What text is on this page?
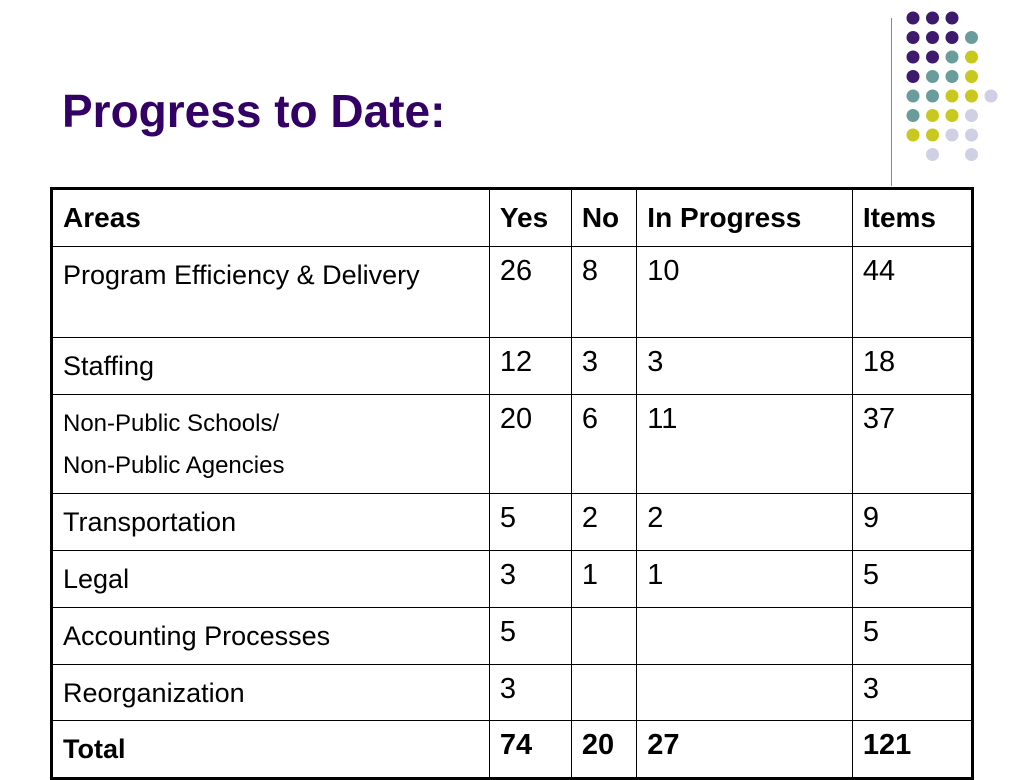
Progress to Date:
Areas	Yes	No	In Progress	Items
Program Efficiency & Delivery	26	8	10	44
Staffing	12	3	3	18

Non-Public Schools/
Non-Public Agencies	20	6	11	37
Transportation	5	2	2	9
Legal	3	1	1	5
Accounting Processes	5			5
Reorganization	3			3
Total	74	20	27	121
